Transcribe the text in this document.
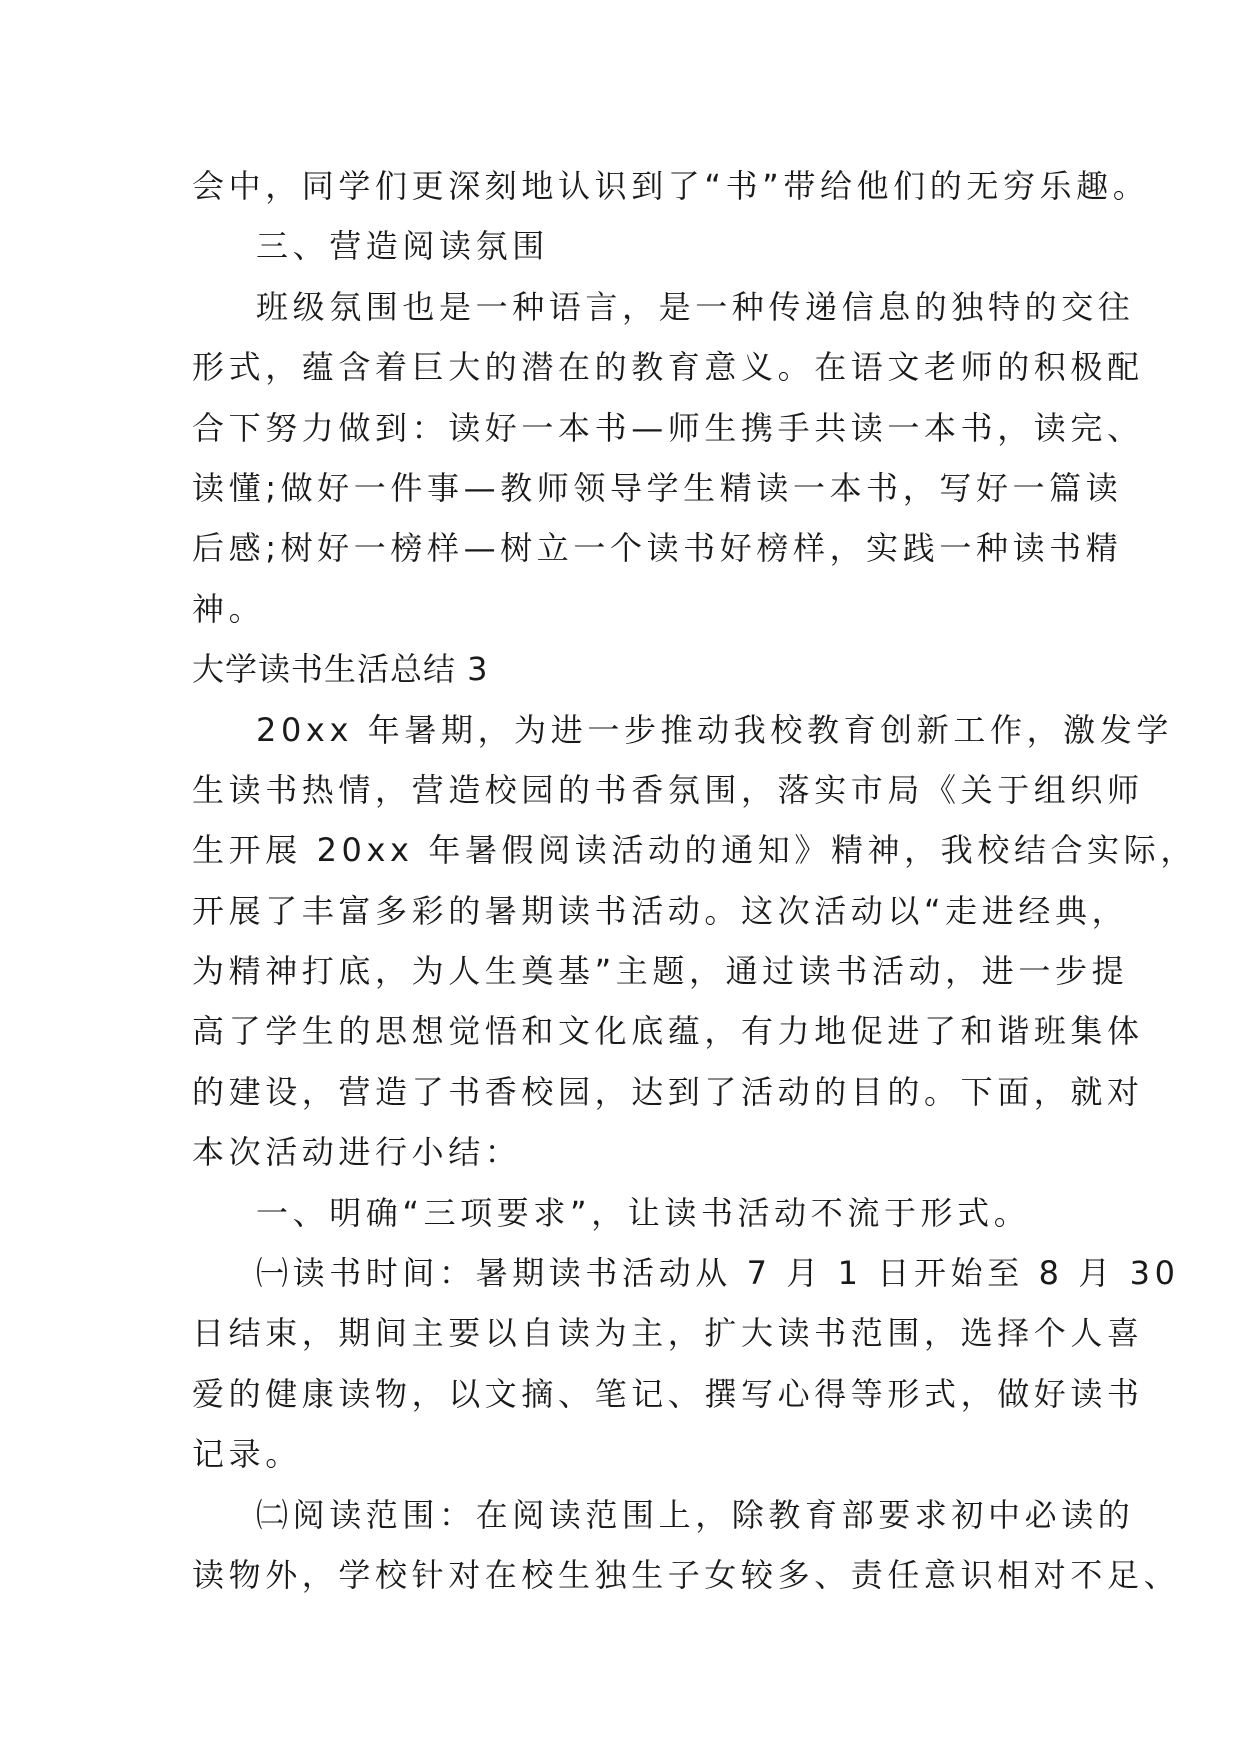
会中，同学们更深刻地认识到了“书”带给他们的无穷乐趣。
三、营造阅读氛围
班级氛围也是一种语言，是一种传递信息的独特的交往
形式，蕴含着巨大的潜在的教育意义。在语文老师的积极配
合下努力做到：读好一本书—师生携手共读一本书，读完、
读懂;做好一件事—教师领导学生精读一本书，写好一篇读
后感;树好一榜样—树立一个读书好榜样，实践一种读书精
神。
大学读书生活总结 3
20xx 年暑期，为进一步推动我校教育创新工作，激发学
生读书热情，营造校园的书香氛围，落实市局《关于组织师
生开展 20xx 年暑假阅读活动的通知》精神，我校结合实际，
开展了丰富多彩的暑期读书活动。这次活动以“走进经典，
为精神打底，为人生奠基”主题，通过读书活动，进一步提
高了学生的思想觉悟和文化底蕴，有力地促进了和谐班集体
的建设，营造了书香校园，达到了活动的目的。下面，就对
本次活动进行小结：
一、明确“三项要求”，让读书活动不流于形式。
㈠读书时间：暑期读书活动从 7 月 1 日开始至 8 月 30
日结束，期间主要以自读为主，扩大读书范围，选择个人喜
爱的健康读物，以文摘、笔记、撰写心得等形式，做好读书
记录。
㈡阅读范围：在阅读范围上，除教育部要求初中必读的
读物外，学校针对在校生独生子女较多、责任意识相对不足、
